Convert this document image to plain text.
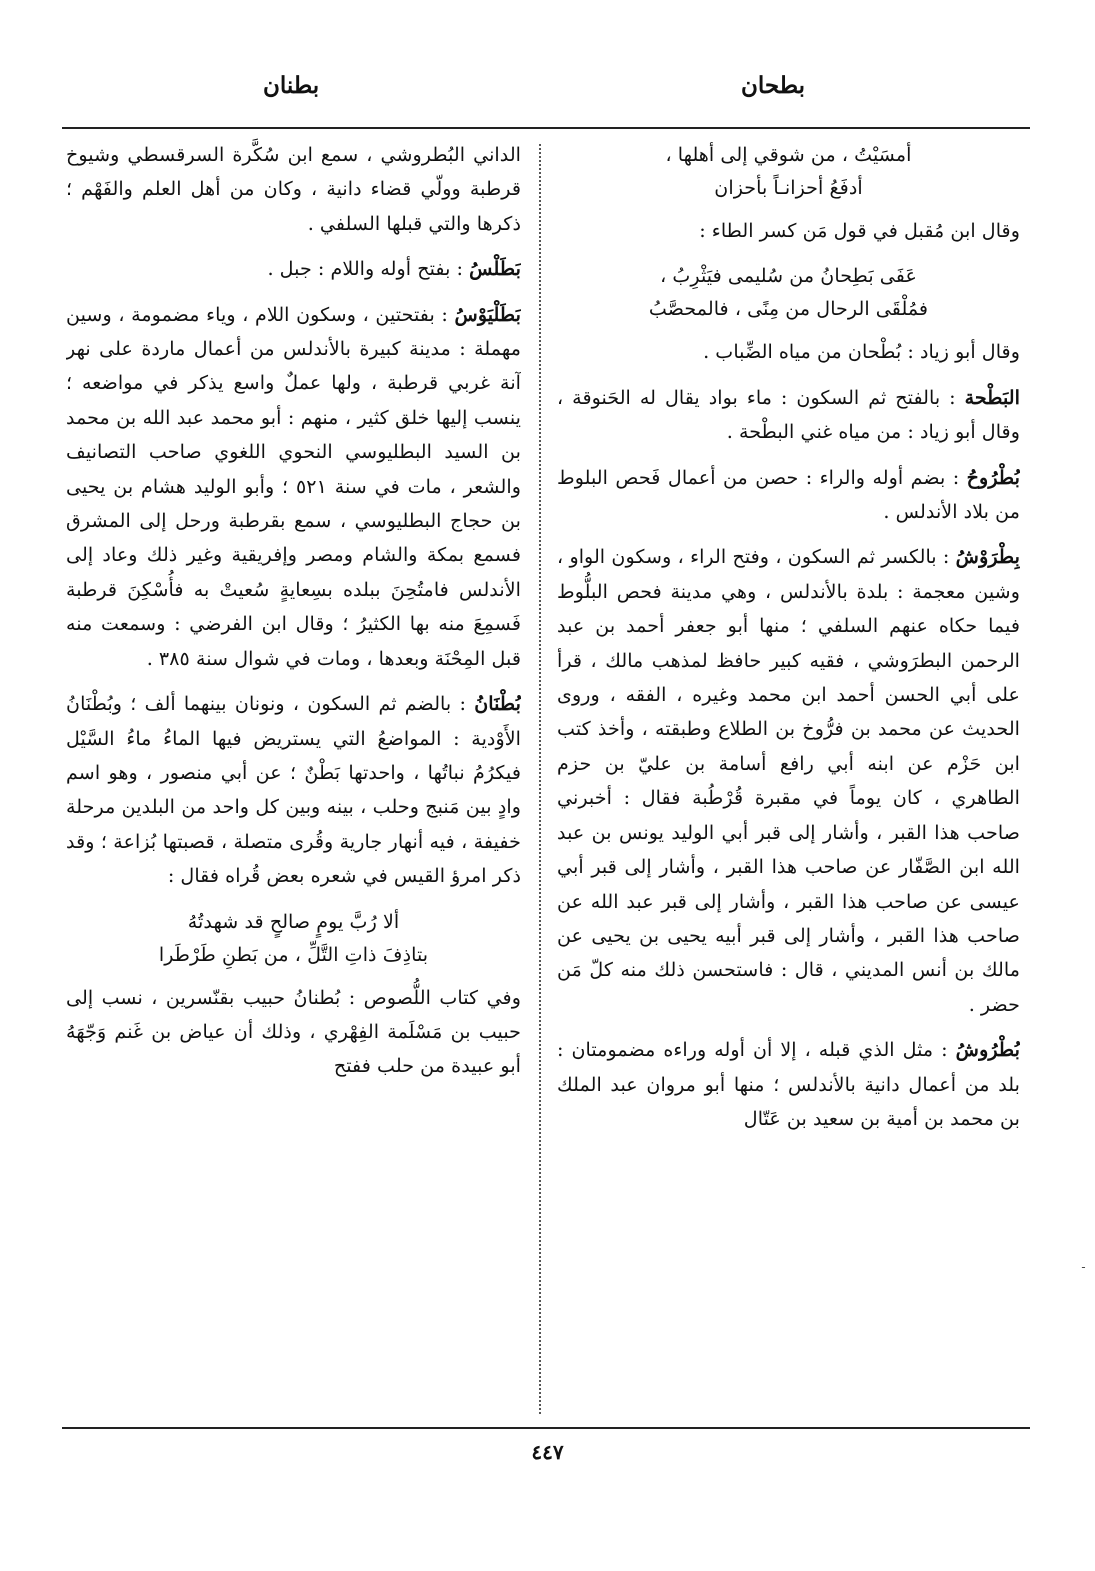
بطحان
بطنان
أمسَيْتُ ، من شوقي إلى أهلها ،
أدفَعُ أحزانـاً بأحزان

وقال ابن مُقبل في قول مَن كسر الطاء :

عَفَى بَطِحانُ من سُليمى فيَثْرِبُ ،
فمُلْقَى الرحال من مِنًى ، فالمحصَّبُ

وقال أبو زياد : بُطْحان من مياه الضِّباب .

البَطْحة : بالفتح ثم السكون : ماء بواد يقال له الحَنوقة ، وقال أبو زياد : من مياه غني البطْحة .

بُطْرُوحُ : بضم أوله والراء : حصن من أعمال فَحص البلوط من بلاد الأندلس .

بِطْرَوْشُ : بالكسر ثم السكون ، وفتح الراء ، وسكون الواو ، وشين معجمة : بلدة بالأندلس ، وهي مدينة فحص البلُّوط فيما حكاه عنهم السلفي ؛ منها أبو جعفر أحمد بن عبد الرحمن البطرَوشي ، فقيه كبير حافظ لمذهب مالك ، قرأ على أبي الحسن أحمد ابن محمد وغيره ، الفقه ، وروى الحديث عن محمد بن فرُّوخ بن الطلاع وطبقته ، وأخذ كتب ابن حَزْم عن ابنه أبي رافع أسامة بن عليّ بن حزم الطاهري ، كان يوماً في مقبرة قُرْطُبة فقال : أخبرني صاحب هذا القبر ، وأشار إلى قبر أبي الوليد يونس بن عبد الله ابن الصَّفّار عن صاحب هذا القبر ، وأشار إلى قبر أبي عيسى عن صاحب هذا القبر ، وأشار إلى قبر عبد الله عن صاحب هذا القبر ، وأشار إلى قبر أبيه يحيى بن يحيى عن مالك بن أنس المديني ، قال : فاستحسن ذلك منه كلّ مَن حضر .

بُطْرُوشُ : مثل الذي قبله ، إلا أن أوله وراءه مضمومتان : بلد من أعمال دانية بالأندلس ؛ منها أبو مروان عبد الملك بن محمد بن أمية بن سعيد بن عَتّال

الداني البُطروشي ، سمع ابن سُكَّرة السرقسطي وشيوخ قرطبة وولّي قضاء دانية ، وكان من أهل العلم والفَهْم ؛ ذكرها والتي قبلها السلفي .

بَطَلْسُ : بفتح أوله واللام : جبل .

بَطَلْيَوْسُ : بفتحتين ، وسكون اللام ، وياء مضمومة ، وسين مهملة : مدينة كبيرة بالأندلس من أعمال ماردة على نهر آنة غربي قرطبة ، ولها عملٌ واسع يذكر في مواضعه ؛ ينسب إليها خلق كثير ، منهم : أبو محمد عبد الله بن محمد بن السيد البطليوسي النحوي اللغوي صاحب التصانيف والشعر ، مات في سنة ٥٢١ ؛ وأبو الوليد هشام بن يحيى بن حجاج البطليوسي ، سمع بقرطبة ورحل إلى المشرق فسمع بمكة والشام ومصر وإفريقية وغير ذلك وعاد إلى الأندلس فامتُحِنَ ببلده بسِعايةٍ سُعيتْ به فأُسْكِنَ قرطبة فَسمِعَ منه بها الكثيرُ ؛ وقال ابن الفرضي : وسمعت منه قبل المِحْنَة وبعدها ، ومات في شوال سنة ٣٨٥ .

بُطْنَانُ : بالضم ثم السكون ، ونونان بينهما ألف ؛ وبُطْنَانُ الأَوْدية : المواضعُ التي يستريض فيها الماءُ ماءُ السَّيْل فيكرُمُ نباتُها ، واحدتها بَطْنٌ ؛ عن أبي منصور ، وهو اسم وادٍ بين مَنبج وحلب ، بينه وبين كل واحد من البلدين مرحلة خفيفة ، فيه أنهار جارية وقُرى متصلة ، قصبتها بُزاعة ؛ وقد ذكر امرؤ القيس في شعره بعض قُراه فقال :

ألا رُبَّ يومٍ صالحٍ قد شهدتُهُ
بتاذِفَ ذاتِ التَّلِّ ، من بَطنِ طَرْطَرا

وفي كتاب اللُّصوص : بُطنانُ حبيب بقنّسرين ، نسب إلى حبيب بن مَسْلَمة الفِهْري ، وذلك أن عياض بن غَنم وَجّهَهُ أبو عبيدة من حلب ففتح

ـ
٤٤٧
